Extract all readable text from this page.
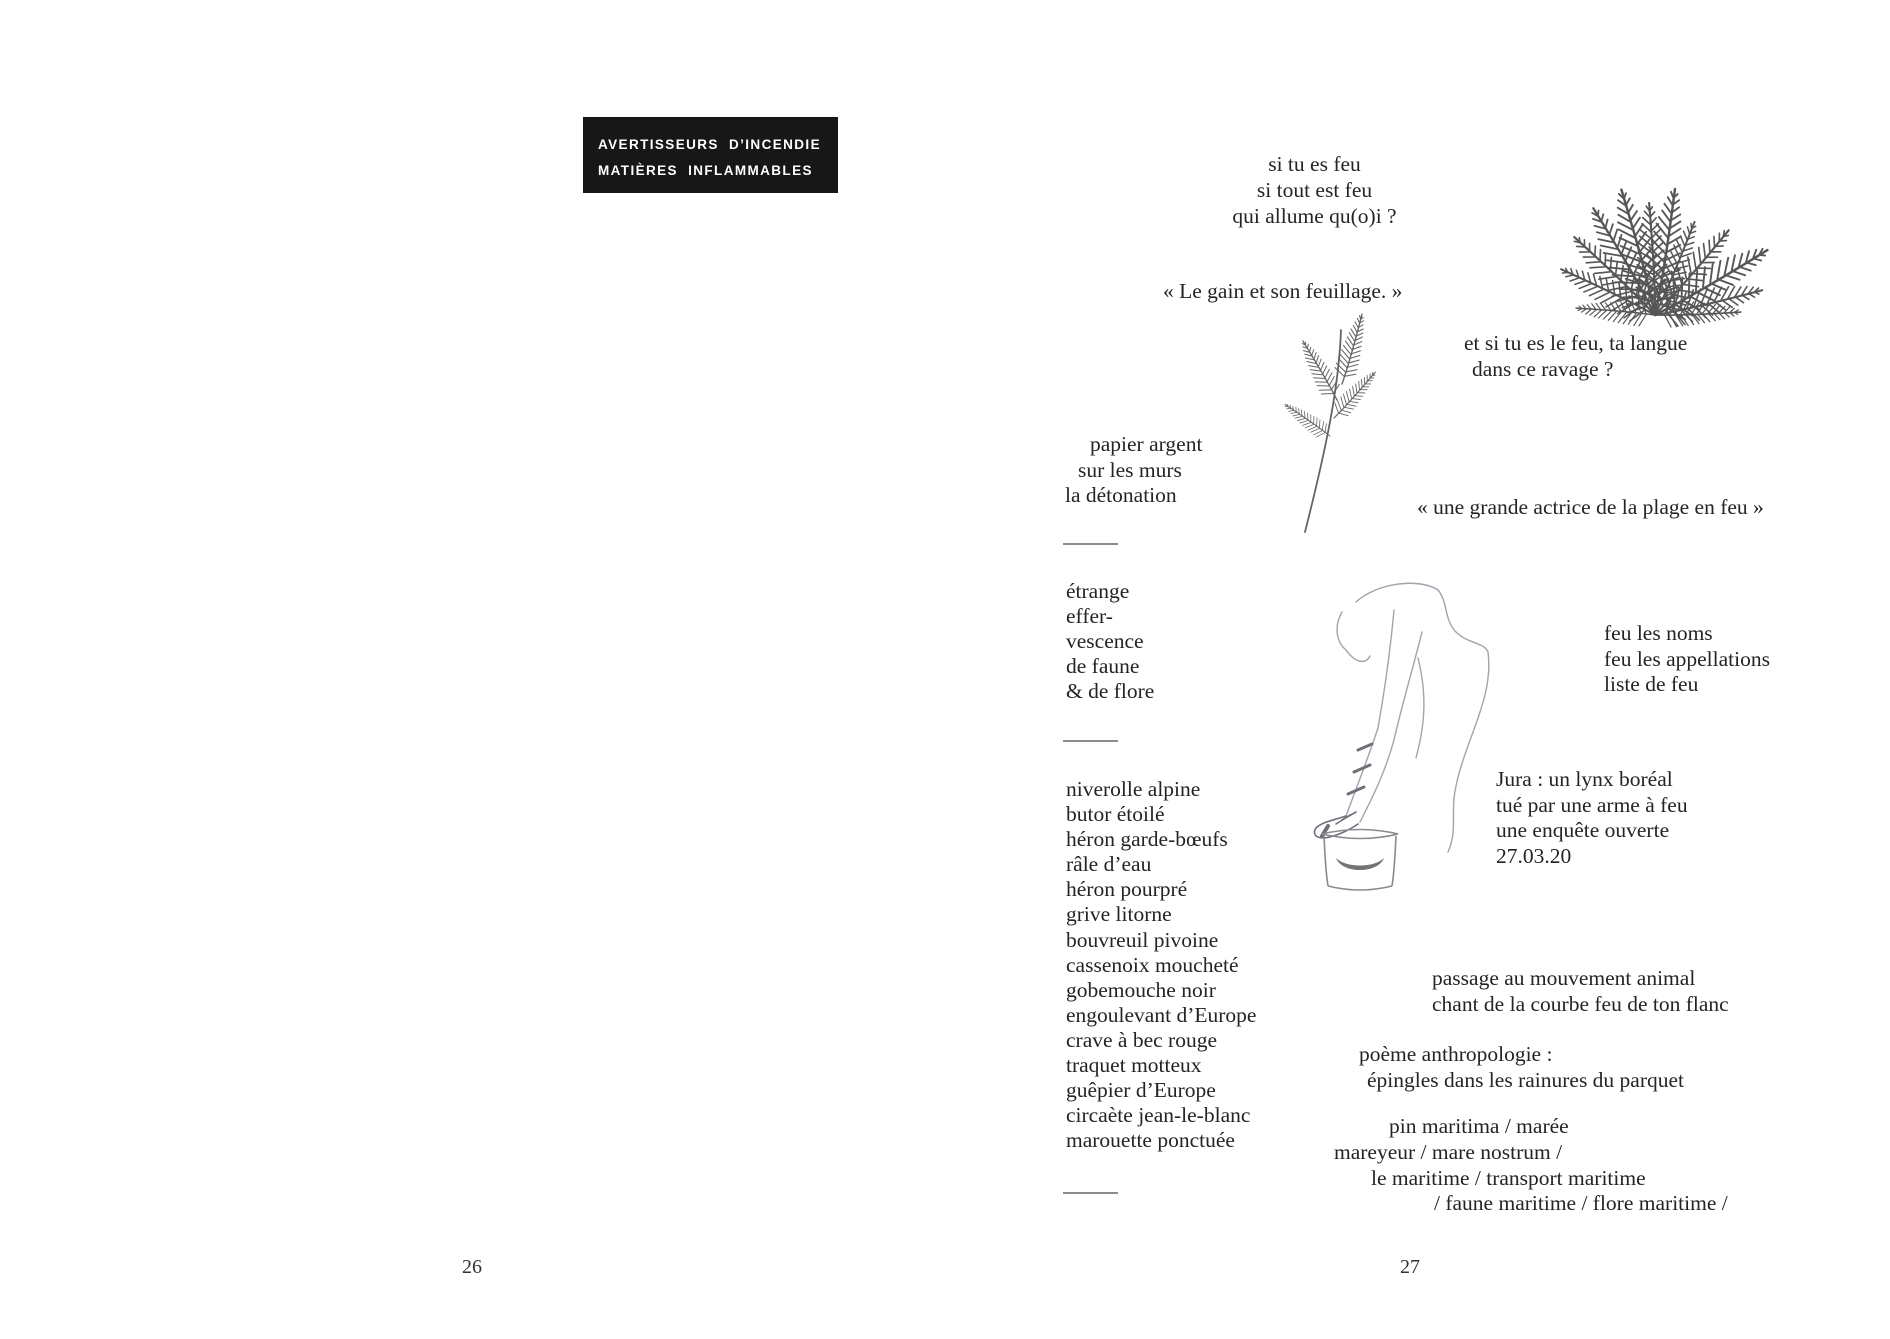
AVERTISSEURS D’INCENDIE
MATIÈRES INFLAMMABLES
26
si tu es feu
si tout est feu
qui allume qu(o)i ?
« Le gain et son feuillage. »
et si tu es le feu, ta langue
dans ce ravage ?
papier argent
sur les murs
la détonation	« une grande actrice de la plage en feu »
étrange
effer-
vescence
de faune
& de flore
feu les noms
feu les appellations
liste de feu
Jura : un lynx boréal
tué par une arme à feu
une enquête ouverte
27.03.20
niverolle alpine
butor étoilé
héron garde-bœufs
râle d’eau
héron pourpré
grive litorne
bouvreuil pivoine
cassenoix moucheté
gobemouche noir
engoulevant d’Europe
crave à bec rouge
traquet motteux
guêpier d’Europe
circaète jean-le-blanc
marouette ponctuée
passage au mouvement animal
chant de la courbe feu de ton flanc
poème anthropologie :
épingles dans les rainures du parquet
pin maritima / marée
mareyeur / mare nostrum /
le maritime / transport maritime
/ faune maritime / flore maritime /
27
